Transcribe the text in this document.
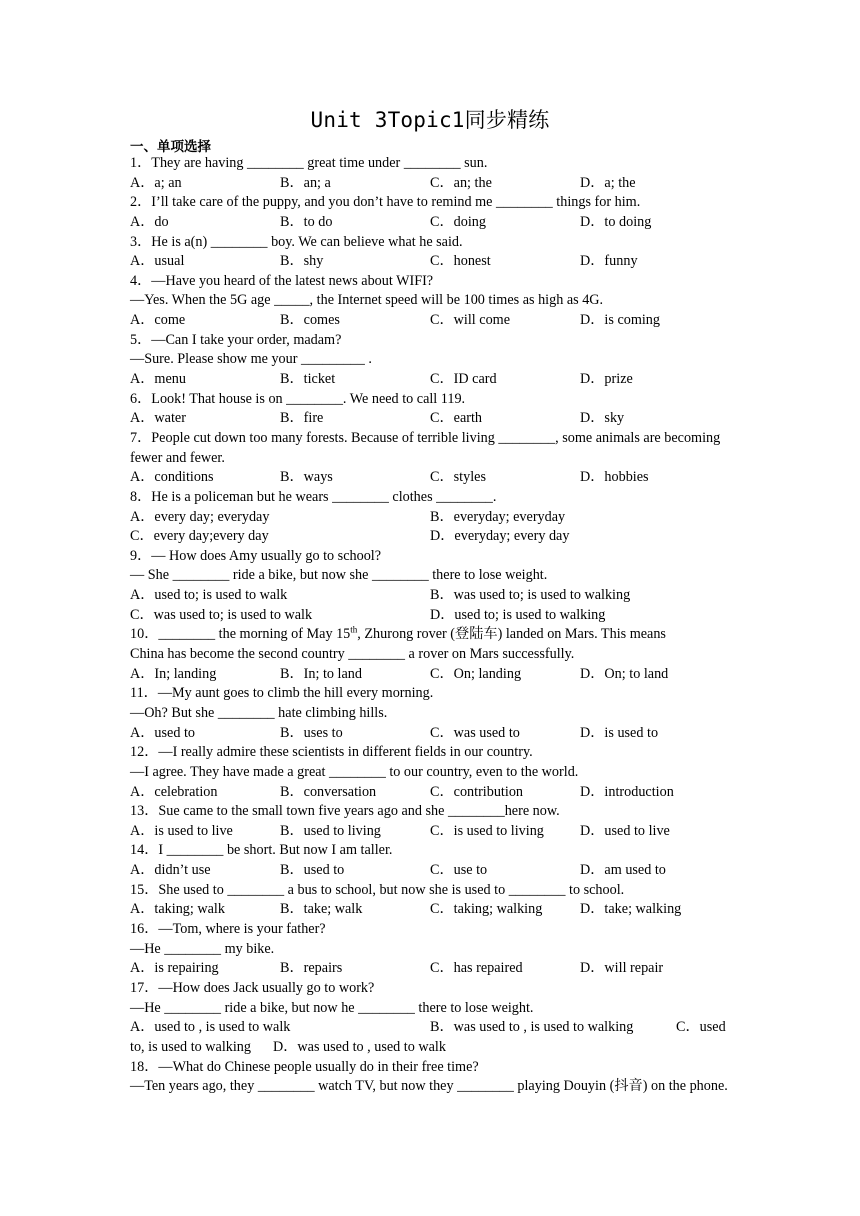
Unit 3Topic1同步精练
一、单项选择
1．They are having ________ great time under ________ sun.
A．a; an	B．an; a	C．an; the	D．a; the
2．I’ll take care of the puppy, and you don’t have to remind me ________ things for him.
A．do	B．to do	C．doing	D．to doing
3．He is a(n) ________ boy. We can believe what he said.
A．usual	B．shy	C．honest	D．funny
4．—Have you heard of the latest news about WIFI?
—Yes. When the 5G age _____, the Internet speed will be 100 times as high as 4G.
A．come	B．comes	C．will come	D．is coming
5．—Can I take your order, madam?
—Sure. Please show me your _________ .
A．menu	B．ticket	C．ID card	D．prize
6．Look! That house is on ________. We need to call 119.
A．water	B．fire	C．earth	D．sky
7．People cut down too many forests. Because of terrible living ________, some animals are becoming fewer and fewer.
A．conditions	B．ways	C．styles	D．hobbies
8．He is a policeman but he wears ________ clothes ________.
A．every day; everyday	B．everyday; everyday
C．every day;every day	D．everyday; every day
9．— How does Amy usually go to school?
— She ________ ride a bike, but now she ________ there to lose weight.
A．used to; is used to walk	B．was used to; is used to walking
C．was used to; is used to walk	D．used to; is used to walking
10．________ the morning of May 15th, Zhurong rover (登陆车) landed on Mars. This means
China has become the second country ________ a rover on Mars successfully.
A．In; landing	B．In; to land	C．On; landing	D．On; to land
11．—My aunt goes to climb the hill every morning.
—Oh? But she ________ hate climbing hills.
A．used to	B．uses to	C．was used to	D．is used to
12．—I really admire these scientists in different fields in our country.
—I agree. They have made a great ________ to our country, even to the world.
A．celebration	B．conversation	C．contribution	D．introduction
13．Sue came to the small town five years ago and she ________here now.
A．is used to live	B．used to living	C．is used to living	D．used to live
14．I ________ be short. But now I am taller.
A．didn’t use	B．used to	C．use to	D．am used to
15．She used to ________ a bus to school, but now she is used to ________ to school.
A．taking; walk	B．take; walk	C．taking; walking	D．take; walking
16．—Tom, where is your father?
—He ________ my bike.
A．is repairing	B．repairs	C．has repaired	D．will repair
17．—How does Jack usually go to work?
—He ________ ride a bike, but now he ________ there to lose weight.
A．used to , is used to walk	B．was used to , is used to walking	C．used
to, is used to walking D．was used to , used to walk
18．—What do Chinese people usually do in their free time?
—Ten years ago, they ________ watch TV, but now they ________ playing Douyin (抖音) on the phone.
